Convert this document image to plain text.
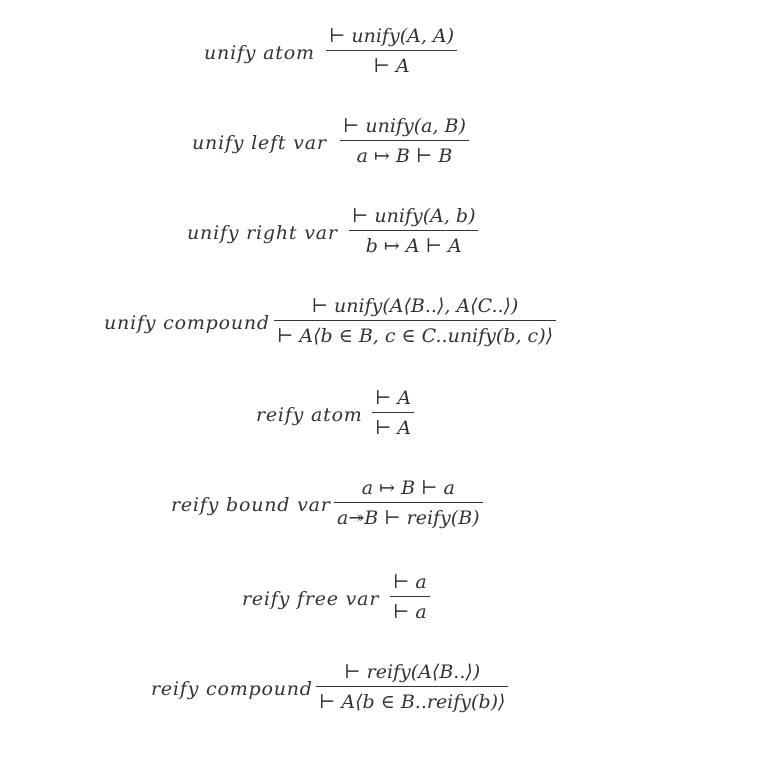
unify atom
⊢ unify(A, A)
⊢ A
unify left var
⊢ unify(a, B)
a ↦ B ⊢ B
unify right var
⊢ unify(A, b)
b ↦ A ⊢ A
unify compound
⊢ unify(A⟨B..⟩, A⟨C..⟩)
⊢ A⟨b ∈ B, c ∈ C..unify(b, c)⟩
reify atom
⊢ A
⊢ A
reify bound var
a ↦ B ⊢ a
a↠B ⊢ reify(B)
reify free var
⊢ a
⊢ a
reify compound
⊢ reify(A⟨B..⟩)
⊢ A⟨b ∈ B..reify(b)⟩
